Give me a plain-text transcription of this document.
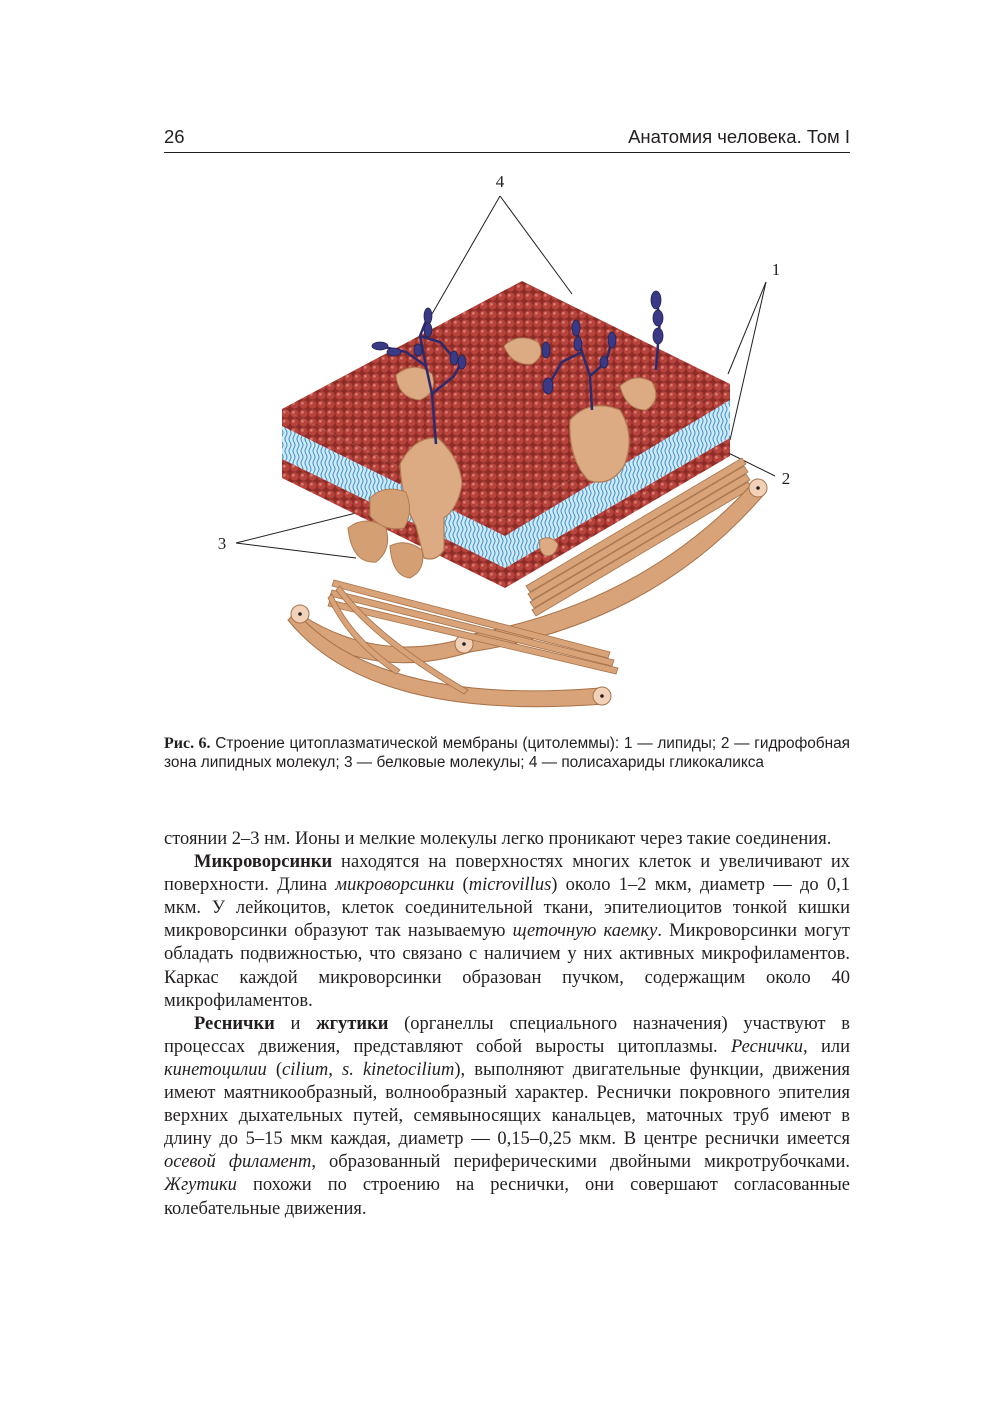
26	Анатомия человека. Том I
4
1
2
3
Рис. 6. Строение цитоплазматической мембраны (цитолеммы): 1 — липиды; 2 — гидрофобная зона липидных молекул; 3 — белковые молекулы; 4 — полисахариды гликокаликса

стоянии 2–3 нм. Ионы и мелкие молекулы легко проникают через такие соединения.

Микроворсинки находятся на поверхностях многих клеток и увеличивают их поверхности. Длина микроворсинки (microvillus) около 1–2 мкм, диаметр — до 0,1 мкм. У лейкоцитов, клеток соединительной ткани, эпителиоцитов тонкой кишки микроворсинки образуют так называемую щеточную каемку. Микроворсинки могут обладать подвижностью, что связано с наличием у них активных микрофиламентов. Каркас каждой микроворсинки образован пучком, содержащим около 40 микрофиламентов.

Реснички и жгутики (органеллы специального назначения) участвуют в процессах движения, представляют собой выросты цитоплазмы. Реснички, или кинетоцилии (cilium, s. kinetocilium), выполняют двигательные функции, движения имеют маятникообразный, волнообразный характер. Реснички покровного эпителия верхних дыхательных путей, семявыносящих канальцев, маточных труб имеют в длину до 5–15 мкм каждая, диаметр — 0,15–0,25 мкм. В центре реснички имеется осевой филамент, образованный периферическими двойными микротрубочками. Жгутики похожи по строению на реснички, они совершают согласованные колебательные движения.
